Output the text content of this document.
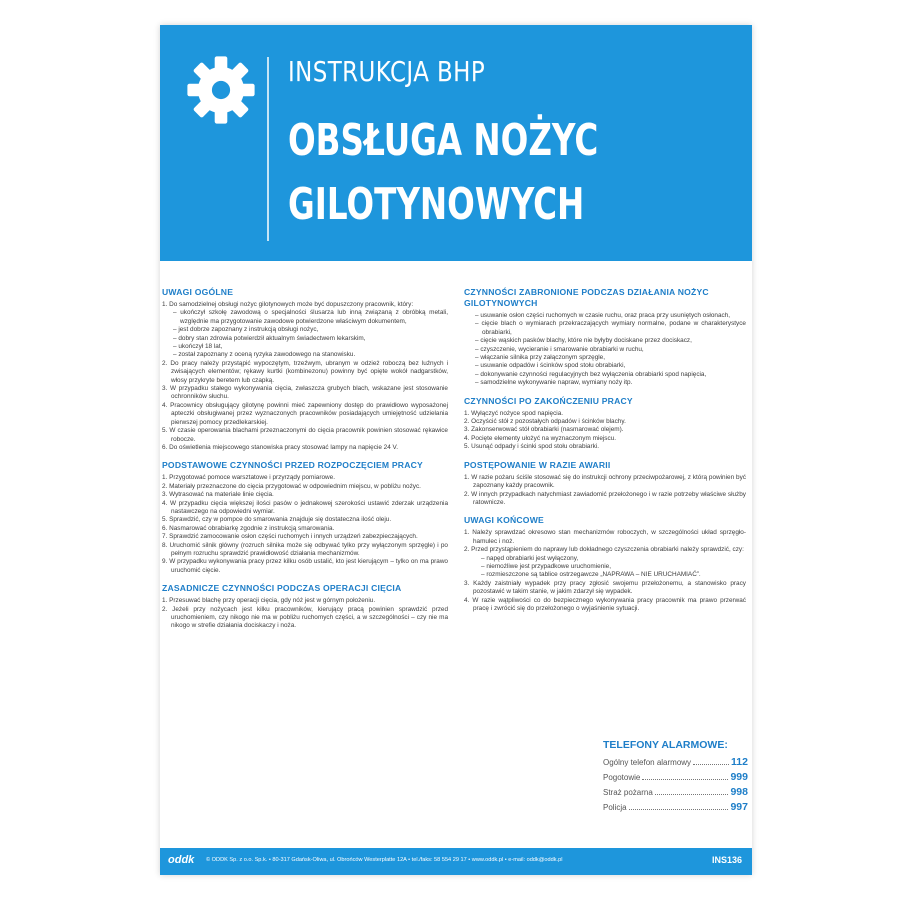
INSTRUKCJA BHP
OBSŁUGA NOŻYC
GILOTYNOWYCH
UWAGI OGÓLNE

1. Do samodzielnej obsługi nożyc gilotynowych może być dopuszczony pracownik, który:

– ukończył szkołę zawodową o specjalności ślusarza lub inną związaną z obróbką metali, względnie ma przygotowanie zawodowe potwierdzone właściwym dokumentem,

– jest dobrze zapoznany z instrukcją obsługi nożyc,

– dobry stan zdrowia potwierdził aktualnym świadectwem lekarskim,

– ukończył 18 lat,

– został zapoznany z oceną ryzyka zawodowego na stanowisku.

2. Do pracy należy przystąpić wypoczętym, trzeźwym, ubranym w odzież roboczą bez luźnych i zwisających elementów; rękawy kurtki (kombinezonu) powinny być opięte wokół nadgarstków, włosy przykryte beretem lub czapką.

3. W przypadku stałego wykonywania cięcia, zwłaszcza grubych blach, wskazane jest stosowanie ochronników słuchu.

4. Pracownicy obsługujący gilotynę powinni mieć zapewniony dostęp do prawidłowo wyposażonej apteczki obsługiwanej przez wyznaczonych pracowników posiadających umiejętność udzielania pierwszej pomocy przedlekarskiej.

5. W czasie operowania blachami przeznaczonymi do cięcia pracownik powinien stosować rękawice robocze.

6. Do oświetlenia miejscowego stanowiska pracy stosować lampy na napięcie 24 V.

PODSTAWOWE CZYNNOŚCI PRZED ROZPOCZĘCIEM PRACY

1. Przygotować pomoce warsztatowe i przyrządy pomiarowe.

2. Materiały przeznaczone do cięcia przygotować w odpowiednim miejscu, w pobliżu nożyc.

3. Wytrasować na materiale linie cięcia.

4. W przypadku cięcia większej ilości pasów o jednakowej szerokości ustawić zderzak urządzenia nastawczego na odpowiedni wymiar.

5. Sprawdzić, czy w pompce do smarowania znajduje się dostateczna ilość oleju.

6. Nasmarować obrabiarkę zgodnie z instrukcją smarowania.

7. Sprawdzić zamocowanie osłon części ruchomych i innych urządzeń zabezpieczających.

8. Uruchomić silnik główny (rozruch silnika może się odbywać tylko przy wyłączonym sprzęgle) i po pełnym rozruchu sprawdzić prawidłowość działania mechanizmów.

9. W przypadku wykonywania pracy przez kilku osób ustalić, kto jest kierującym – tylko on ma prawo uruchomić cięcie.

ZASADNICZE CZYNNOŚCI PODCZAS OPERACJI CIĘCIA

1. Przesuwać blachę przy operacji cięcia, gdy nóż jest w górnym położeniu.

2. Jeżeli przy nożycach jest kilku pracowników, kierujący pracą powinien sprawdzić przed uruchomieniem, czy nikogo nie ma w pobliżu ruchomych części, a w szczególności – czy nie ma nikogo w strefie działania dociskaczy i noża.

CZYNNOŚCI ZABRONIONE PODCZAS DZIAŁANIA NOŻYC GILOTYNOWYCH

– usuwanie osłon części ruchomych w czasie ruchu, oraz praca przy usuniętych osłonach,

– cięcie blach o wymiarach przekraczających wymiary normalne, podane w charakterystyce obrabiarki,

– cięcie wąskich pasków blachy, które nie byłyby dociskane przez dociskacz,

– czyszczenie, wycieranie i smarowanie obrabiarki w ruchu,

– włączanie silnika przy załączonym sprzęgle,

– usuwanie odpadów i ścinków spod stołu obrabiarki,

– dokonywanie czynności regulacyjnych bez wyłączenia obrabiarki spod napięcia,

– samodzielne wykonywanie napraw, wymiany noży itp.

CZYNNOŚCI PO ZAKOŃCZENIU PRACY

1. Wyłączyć nożyce spod napięcia.

2. Oczyścić stół z pozostałych odpadów i ścinków blachy.

3. Zakonserwować stół obrabiarki (nasmarować olejem).

4. Pocięte elementy ułożyć na wyznaczonym miejscu.

5. Usunąć odpady i ścinki spod stołu obrabiarki.

POSTĘPOWANIE W RAZIE AWARII

1. W razie pożaru ściśle stosować się do instrukcji ochrony przeciwpożarowej, z którą powinien być zapoznany każdy pracownik.

2. W innych przypadkach natychmiast zawiadomić przełożonego i w razie potrzeby właściwe służby ratownicze.

UWAGI KOŃCOWE

1. Należy sprawdzać okresowo stan mechanizmów roboczych, w szczególności układ sprzęgło-hamulec i noż.

2. Przed przystąpieniem do naprawy lub dokładnego czyszczenia obrabiarki należy sprawdzić, czy:

– napęd obrabiarki jest wyłączony,

– niemożliwe jest przypadkowe uruchomienie,

– rozmieszczone są tablice ostrzegawcze „NAPRAWA – NIE URUCHAMIAĆ”.

3. Każdy zaistniały wypadek przy pracy zgłosić swojemu przełożonemu, a stanowisko pracy pozostawić w takim stanie, w jakim zdarzył się wypadek.

4. W razie wątpliwości co do bezpiecznego wykonywania pracy pracownik ma prawo przerwać pracę i zwrócić się do przełożonego o wyjaśnienie sytuacji.

TELEFONY ALARMOWE:
Ogólny telefon alarmowy	112
Pogotowie	999
Straż pożarna	998
Policja	997
oddk © ODDK Sp. z o.o. Sp.k. • 80-317 Gdańsk-Oliwa, ul. Obrońców Westerplatte 12A • tel./faks: 58 554 29 17 • www.oddk.pl • e-mail: oddk@oddk.pl	INS136
